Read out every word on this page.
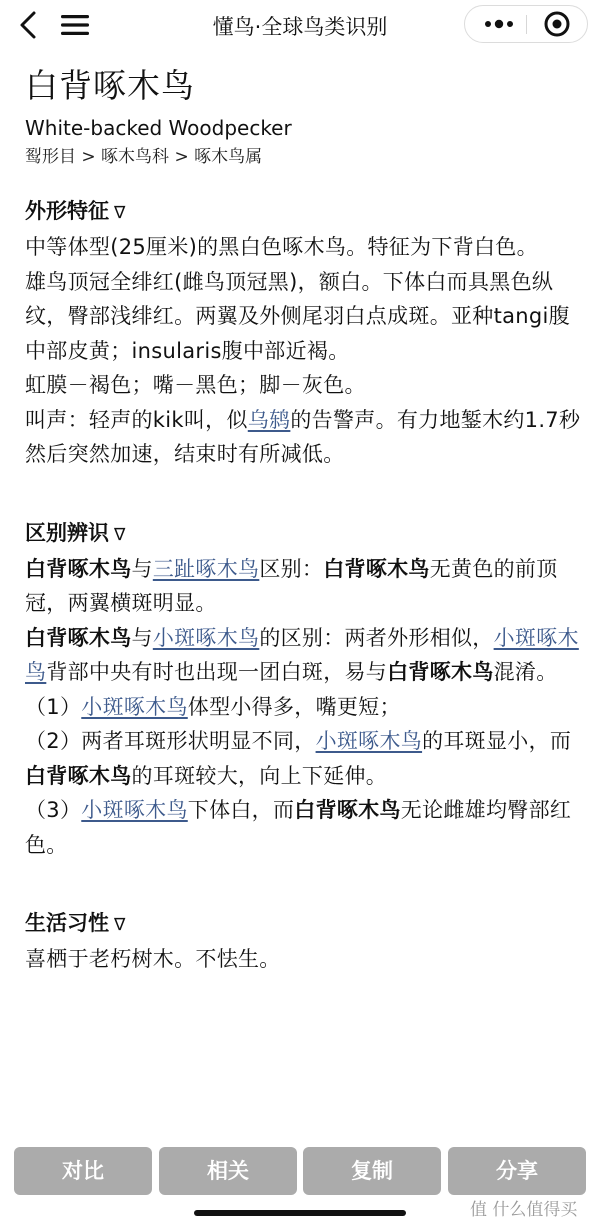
懂鸟·全球鸟类识别
白背啄木鸟
White-backed Woodpecker
䴕形目 > 啄木鸟科 > 啄木鸟属
外形特征 ∇

中等体型(25厘米)的黑白色啄木鸟。特征为下背白色。

雄鸟顶冠全绯红(雌鸟顶冠黑)，额白。下体白而具黑色纵纹，臀部浅绯红。两翼及外侧尾羽白点成斑。亚种tangi腹中部皮黄；insularis腹中部近褐。

虹膜－褐色；嘴－黑色；脚－灰色。

叫声：轻声的kik叫，似乌鸫的告警声。有力地錾木约1.7秒然后突然加速，结束时有所减低。

区别辨识 ∇

白背啄木鸟与三趾啄木鸟区别：白背啄木鸟无黄色的前顶冠，两翼横斑明显。

白背啄木鸟与小斑啄木鸟的区别：两者外形相似，小斑啄木鸟背部中央有时也出现一团白斑，易与白背啄木鸟混淆。

（1）小斑啄木鸟体型小得多，嘴更短；

（2）两者耳斑形状明显不同，小斑啄木鸟的耳斑显小，而白背啄木鸟的耳斑较大，向上下延伸。

（3）小斑啄木鸟下体白，而白背啄木鸟无论雌雄均臀部红色。

生活习性 ∇

喜栖于老朽树木。不怯生。

对比	相关	复制	分享
值 什么值得买
